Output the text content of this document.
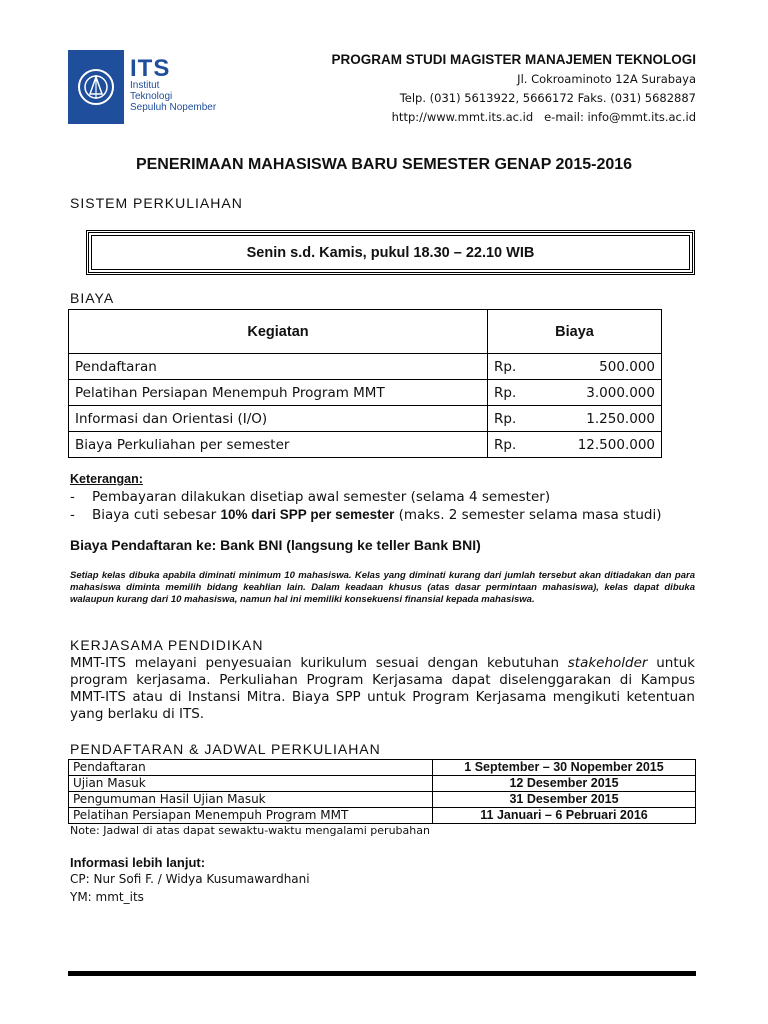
ITS
Institut
Teknologi
Sepuluh Nopember
PROGRAM STUDI MAGISTER MANAJEMEN TEKNOLOGI
Jl. Cokroaminoto 12A Surabaya
Telp. (031) 5613922, 5666172 Faks. (031) 5682887
http://www.mmt.its.ac.id   e-mail: info@mmt.its.ac.id
PENERIMAAN MAHASISWA BARU SEMESTER GENAP 2015-2016
SISTEM PERKULIAHAN
Senin s.d. Kamis, pukul 18.30 – 22.10 WIB
BIAYA
Kegiatan	Biaya
Pendaftaran	Rp. 500.000

Pelatihan Persiapan Menempuh Program MMT	Rp. 3.000.000

Informasi dan Orientasi (I/O)	Rp. 1.250.000

Biaya Perkuliahan per semester	Rp. 12.500.000
Keterangan:
-	Pembayaran dilakukan disetiap awal semester (selama 4 semester)
-	Biaya cuti sebesar 10% dari SPP per semester (maks. 2 semester selama masa studi)
Biaya Pendaftaran ke: Bank BNI (langsung ke teller Bank BNI)
Setiap kelas dibuka apabila diminati minimum 10 mahasiswa. Kelas yang diminati kurang dari jumlah tersebut akan ditiadakan dan para mahasiswa diminta memilih bidang keahlian lain. Dalam keadaan khusus (atas dasar permintaan mahasiswa), kelas dapat dibuka walaupun kurang dari 10 mahasiswa, namun hal ini memiliki konsekuensi finansial kepada mahasiswa.
KERJASAMA PENDIDIKAN
MMT-ITS melayani penyesuaian kurikulum sesuai dengan kebutuhan stakeholder untuk program kerjasama. Perkuliahan Program Kerjasama dapat diselenggarakan di Kampus MMT-ITS atau di Instansi Mitra. Biaya SPP untuk Program Kerjasama mengikuti ketentuan yang berlaku di ITS.
PENDAFTARAN & JADWAL PERKULIAHAN
Pendaftaran	1 September – 30 Nopember 2015
Ujian Masuk	12 Desember 2015
Pengumuman Hasil Ujian Masuk	31 Desember 2015
Pelatihan Persiapan Menempuh Program MMT	11 Januari – 6 Pebruari 2016
Note: Jadwal di atas dapat sewaktu-waktu mengalami perubahan
Informasi lebih lanjut:
CP: Nur Sofi F. / Widya Kusumawardhani
YM: mmt_its
